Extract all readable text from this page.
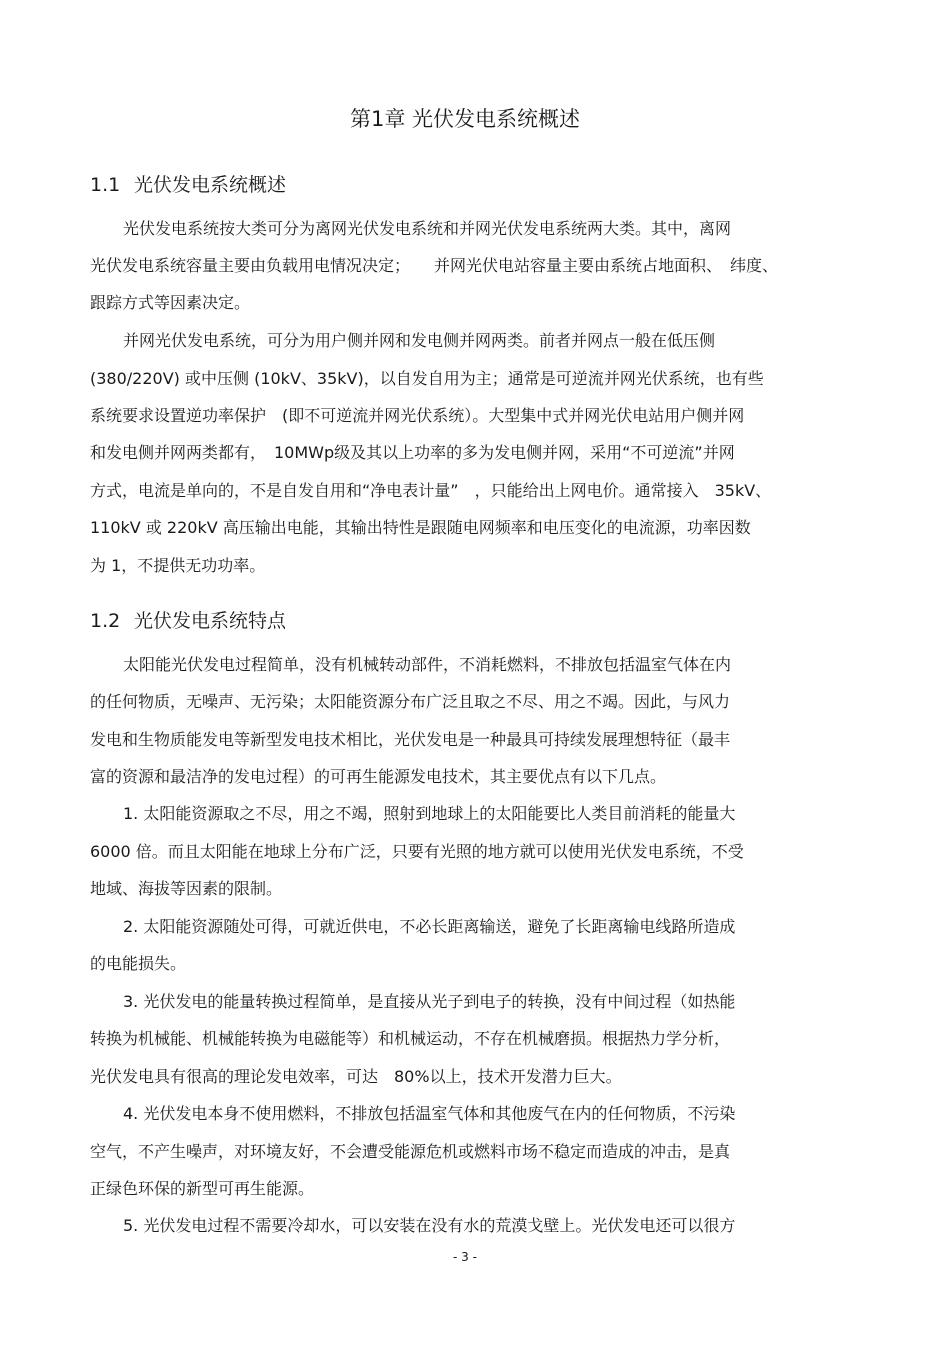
第1章 光伏发电系统概述
1.1 光伏发电系统概述
光伏发电系统按大类可分为离网光伏发电系统和并网光伏发电系统两大类。其中，离网
光伏发电系统容量主要由负载用电情况决定；　　并网光伏电站容量主要由系统占地面积、　纬度、
跟踪方式等因素决定。
并网光伏发电系统，可分为用户侧并网和发电侧并网两类。前者并网点一般在低压侧
(380/220V) 或中压侧 (10kV、35kV)，以自发自用为主；通常是可逆流并网光伏系统，也有些
系统要求设置逆功率保护　(即不可逆流并网光伏系统）。大型集中式并网光伏电站用户侧并网
和发电侧并网两类都有，　10MWp级及其以上功率的多为发电侧并网，采用“不可逆流”并网
方式，电流是单向的，不是自发自用和“净电表计量”　，只能给出上网电价。通常接入　35kV、
110kV 或 220kV 高压输出电能，其输出特性是跟随电网频率和电压变化的电流源，功率因数
为 1，不提供无功功率。
1.2 光伏发电系统特点
太阳能光伏发电过程简单，没有机械转动部件，不消耗燃料，不排放包括温室气体在内
的任何物质，无噪声、无污染；太阳能资源分布广泛且取之不尽、用之不竭。因此，与风力
发电和生物质能发电等新型发电技术相比，光伏发电是一种最具可持续发展理想特征（最丰
富的资源和最洁净的发电过程）的可再生能源发电技术，其主要优点有以下几点。
1. 太阳能资源取之不尽，用之不竭，照射到地球上的太阳能要比人类目前消耗的能量大
6000 倍。而且太阳能在地球上分布广泛，只要有光照的地方就可以使用光伏发电系统，不受
地域、海拔等因素的限制。
2. 太阳能资源随处可得，可就近供电，不必长距离输送，避免了长距离输电线路所造成
的电能损失。
3. 光伏发电的能量转换过程简单，是直接从光子到电子的转换，没有中间过程（如热能
转换为机械能、机械能转换为电磁能等）和机械运动，不存在机械磨损。根据热力学分析，
光伏发电具有很高的理论发电效率，可达　80%以上，技术开发潜力巨大。
4. 光伏发电本身不使用燃料，不排放包括温室气体和其他废气在内的任何物质，不污染
空气，不产生噪声，对环境友好，不会遭受能源危机或燃料市场不稳定而造成的冲击，是真
正绿色环保的新型可再生能源。
5. 光伏发电过程不需要冷却水，可以安装在没有水的荒漠戈壁上。光伏发电还可以很方
- 3 -
